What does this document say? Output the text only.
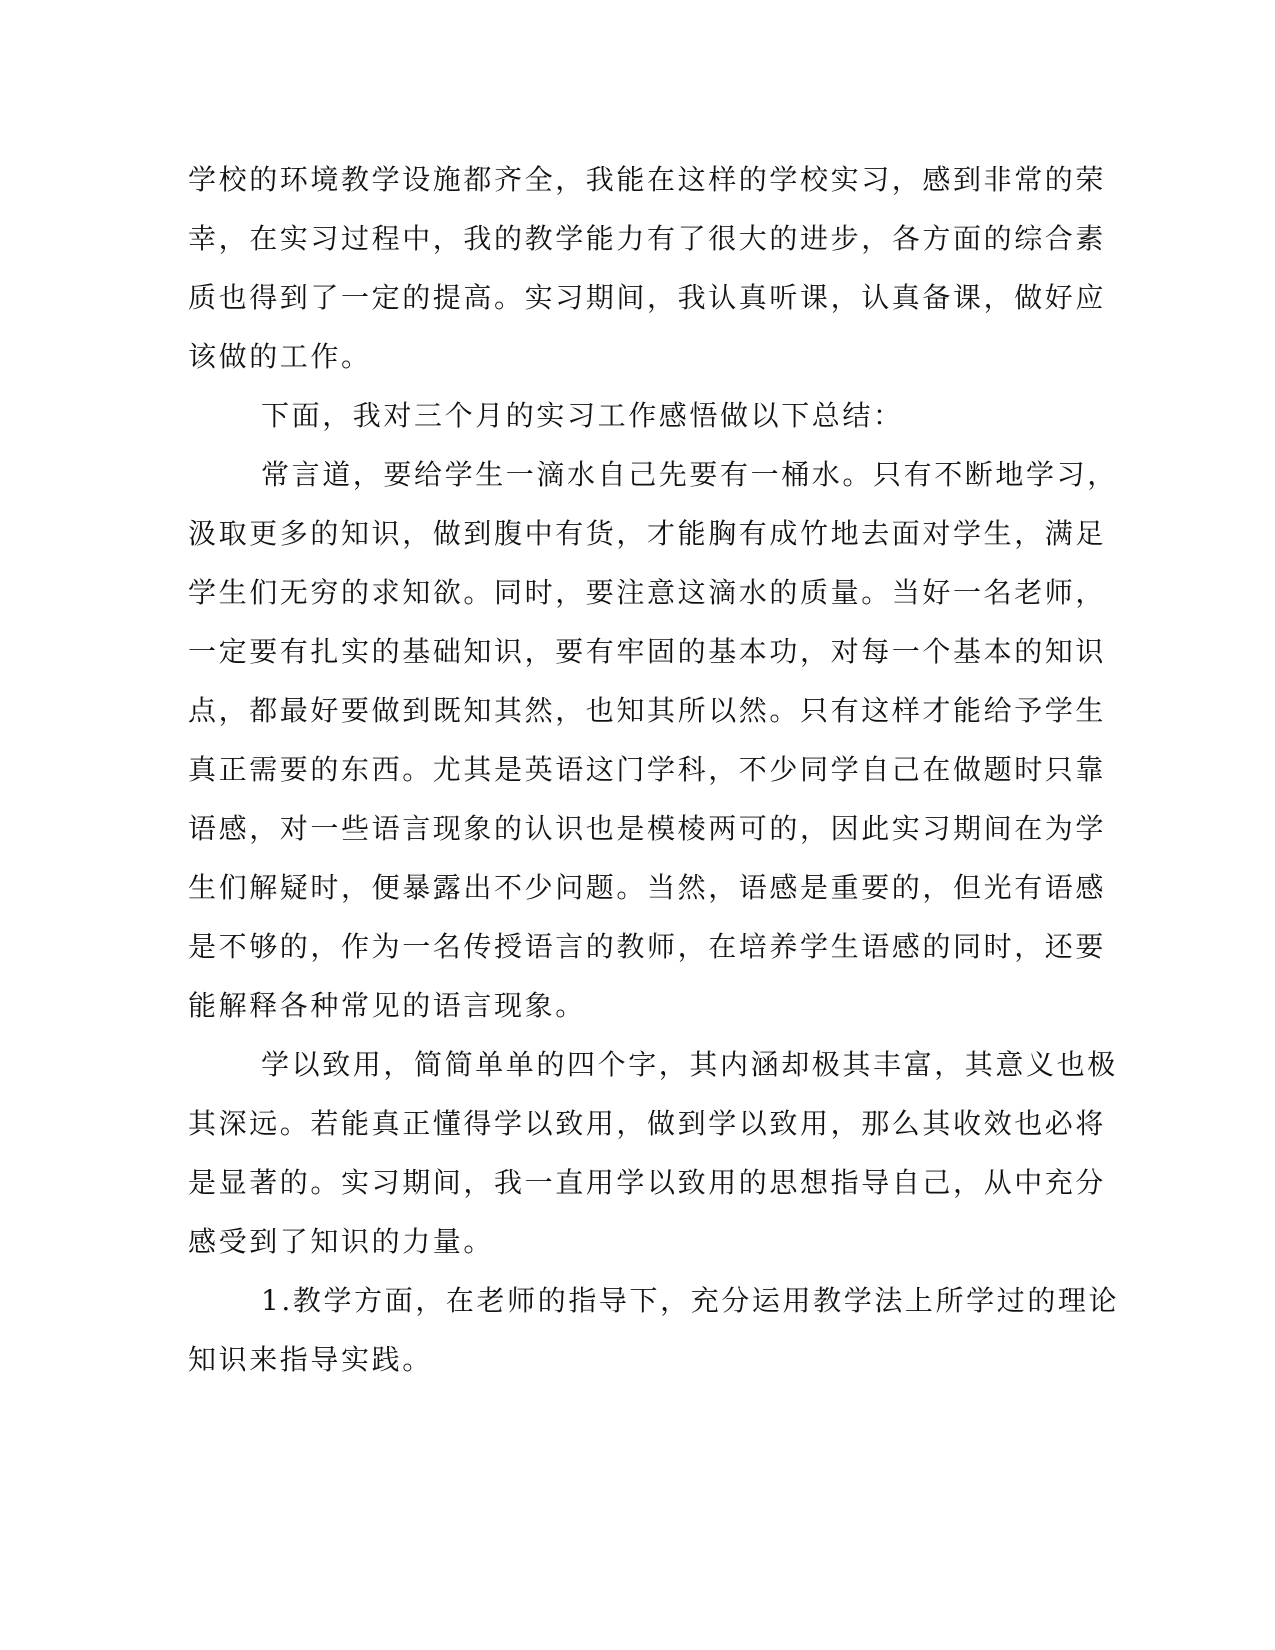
学校的环境教学设施都齐全，我能在这样的学校实习，感到非常的荣
幸，在实习过程中，我的教学能力有了很大的进步，各方面的综合素
质也得到了一定的提高。实习期间，我认真听课，认真备课，做好应
该做的工作。
下面，我对三个月的实习工作感悟做以下总结：
常言道，要给学生一滴水自己先要有一桶水。只有不断地学习，
汲取更多的知识，做到腹中有货，才能胸有成竹地去面对学生，满足
学生们无穷的求知欲。同时，要注意这滴水的质量。当好一名老师，
一定要有扎实的基础知识，要有牢固的基本功，对每一个基本的知识
点，都最好要做到既知其然，也知其所以然。只有这样才能给予学生
真正需要的东西。尤其是英语这门学科，不少同学自己在做题时只靠
语感，对一些语言现象的认识也是模棱两可的，因此实习期间在为学
生们解疑时，便暴露出不少问题。当然，语感是重要的，但光有语感
是不够的，作为一名传授语言的教师，在培养学生语感的同时，还要
能解释各种常见的语言现象。
学以致用，简简单单的四个字，其内涵却极其丰富，其意义也极
其深远。若能真正懂得学以致用，做到学以致用，那么其收效也必将
是显著的。实习期间，我一直用学以致用的思想指导自己，从中充分
感受到了知识的力量。
1.教学方面，在老师的指导下，充分运用教学法上所学过的理论
知识来指导实践。
